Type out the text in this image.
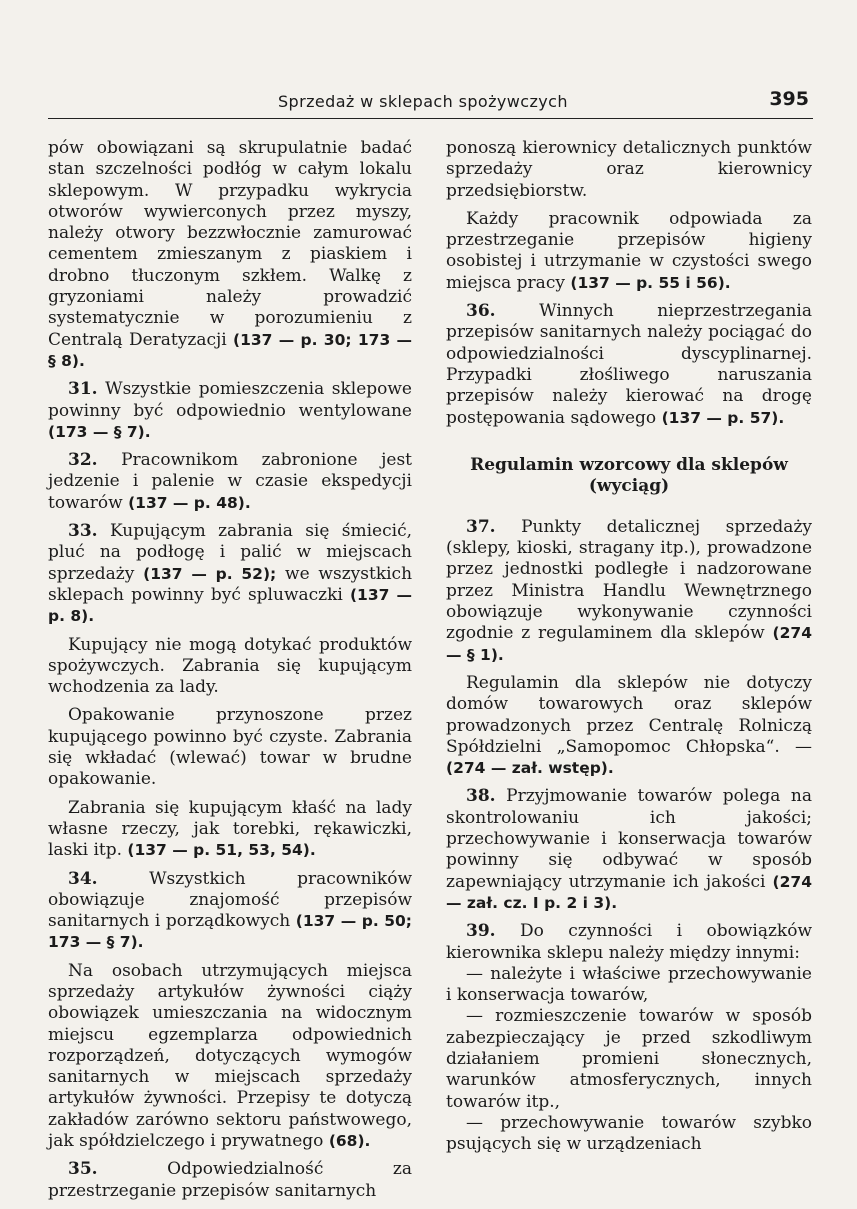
Sprzedaż w sklepach spożywczych	395

pów obowiązani są skrupulatnie badać stan szczelności podłóg w całym lokalu sklepowym. W przypadku wykrycia otworów wywierconych przez myszy, należy otwory bezzwłocznie zamurować cementem zmieszanym z piaskiem i drobno tłuczonym szkłem. Walkę z gryzoniami należy prowadzić systematycznie w porozumieniu z Centralą Deratyzacji (137 — p. 30; 173 — § 8).

31. Wszystkie pomieszczenia sklepowe powinny być odpowiednio wentylowane (173 — § 7).

32. Pracownikom zabronione jest jedzenie i palenie w czasie ekspedycji towarów (137 — p. 48).

33. Kupującym zabrania się śmiecić, pluć na podłogę i palić w miejscach sprzedaży (137 — p. 52); we wszystkich sklepach powinny być spluwaczki (137 — p. 8).

Kupujący nie mogą dotykać produktów spożywczych. Zabrania się kupującym wchodzenia za lady.

Opakowanie przynoszone przez kupującego powinno być czyste. Zabrania się wkładać (wlewać) towar w brudne opakowanie.

Zabrania się kupującym kłaść na lady własne rzeczy, jak torebki, rękawiczki, laski itp. (137 — p. 51, 53, 54).

34.	Wszystkich pracowników obowiązuje znajomość przepisów sanitarnych i porządkowych (137 — p. 50; 173 — § 7).

Na osobach utrzymujących miejsca sprzedaży artykułów żywności ciąży obowiązek umieszczania na widocznym miejscu egzemplarza odpowiednich rozporządzeń, dotyczących wymogów sanitarnych w miejscach sprzedaży artykułów żywności. Przepisy te dotyczą zakładów zarówno sektoru państwowego, jak spółdzielczego i prywatnego (68).

35.	Odpowiedzialność za przestrzeganie przepisów sanitarnych

ponoszą kierownicy detalicznych punktów sprzedaży oraz kierownicy przedsiębiorstw.

Każdy pracownik odpowiada za przestrzeganie przepisów higieny osobistej i utrzymanie w czystości swego miejsca pracy (137 — p. 55 i 56).

36.	Winnych nieprzestrzegania przepisów sanitarnych należy pociągać do odpowiedzialności dyscyplinarnej. Przypadki złośliwego naruszania przepisów należy kierować na drogę postępowania sądowego (137 — p. 57).

Regulamin wzorcowy dla sklepów (wyciąg)

37. Punkty detalicznej sprzedaży (sklepy, kioski, stragany itp.), prowadzone przez jednostki podległe i nadzorowane przez Ministra Handlu Wewnętrznego obowiązuje wykonywanie czynności zgodnie z regulaminem dla sklepów (274 — § 1).

Regulamin dla sklepów nie dotyczy domów towarowych oraz sklepów prowadzonych przez Centralę Rolniczą Spółdzielni „Samopomoc Chłopska“. — (274 — zał. wstęp).

38. Przyjmowanie towarów polega na skontrolowaniu ich jakości; przechowywanie i konserwacja towarów powinny się odbywać w sposób zapewniający utrzymanie ich jakości (274 — zał. cz. I p. 2 i 3).

39. Do czynności i obowiązków kierownika sklepu należy między innymi:
— należyte i właściwe przechowywanie i konserwacja towarów,
— rozmieszczenie towarów w sposób zabezpieczający je przed szkodliwym działaniem promieni słonecznych, warunków atmosferycznych, innych towarów itp.,
— przechowywanie towarów szybko psujących się w urządzeniach
